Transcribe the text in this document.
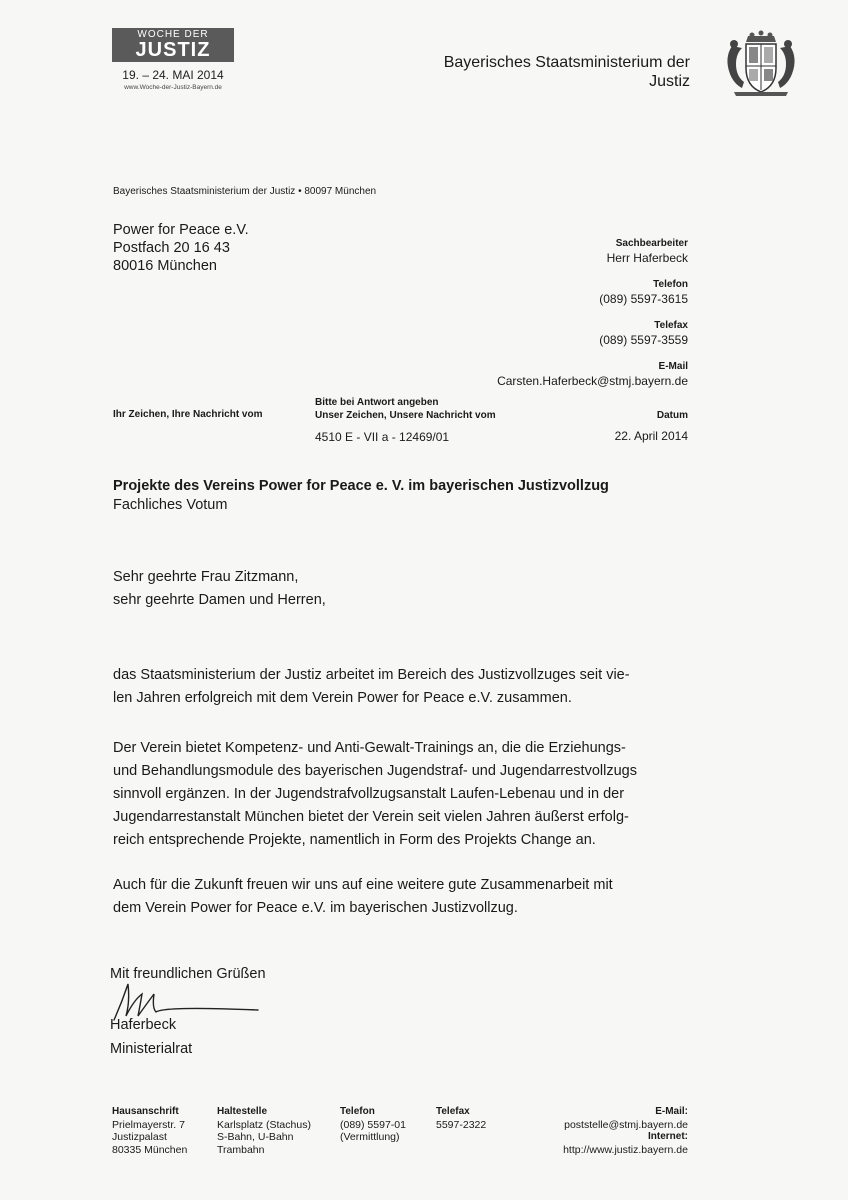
WOCHE DER
JUSTIZ
19. – 24. MAI 2014
www.Woche-der-Justiz-Bayern.de
Bayerisches Staatsministerium der
Justiz
Bayerisches Staatsministerium der Justiz • 80097 München
Power for Peace e.V.
Postfach 20 16 43
80016 München
Sachbearbeiter
Herr Haferbeck
Telefon
(089) 5597-3615
Telefax
(089) 5597-3559
E-Mail
Carsten.Haferbeck@stmj.bayern.de
Ihr Zeichen, Ihre Nachricht vom
Bitte bei Antwort angeben
Unser Zeichen, Unsere Nachricht vom
4510 E - VII a - 12469/01
Datum
22. April 2014
Projekte des Vereins Power for Peace e. V. im bayerischen Justizvollzug
Fachliches Votum
Sehr geehrte Frau Zitzmann,
sehr geehrte Damen und Herren,
das Staatsministerium der Justiz arbeitet im Bereich des Justizvollzuges seit vie-
len Jahren erfolgreich mit dem Verein Power for Peace e.V. zusammen.
Der Verein bietet Kompetenz- und Anti-Gewalt-Trainings an, die die Erziehungs-
und Behandlungsmodule des bayerischen Jugendstraf- und Jugendarrestvollzugs
sinnvoll ergänzen. In der Jugendstrafvollzugsanstalt Laufen-Lebenau und in der
Jugendarrestanstalt München bietet der Verein seit vielen Jahren äußerst erfolg-
reich entsprechende Projekte, namentlich in Form des Projekts Change an.
Auch für die Zukunft freuen wir uns auf eine weitere gute Zusammenarbeit mit
dem Verein Power for Peace e.V. im bayerischen Justizvollzug.
Mit freundlichen Grüßen
Haferbeck
Ministerialrat
Hausanschrift
Prielmayerstr. 7
Justizpalast
80335 München
Haltestelle
Karlsplatz (Stachus)
S-Bahn, U-Bahn
Trambahn
Telefon
(089) 5597-01
(Vermittlung)
Telefax
5597-2322
E-Mail:
poststelle@stmj.bayern.de
Internet:
http://www.justiz.bayern.de
